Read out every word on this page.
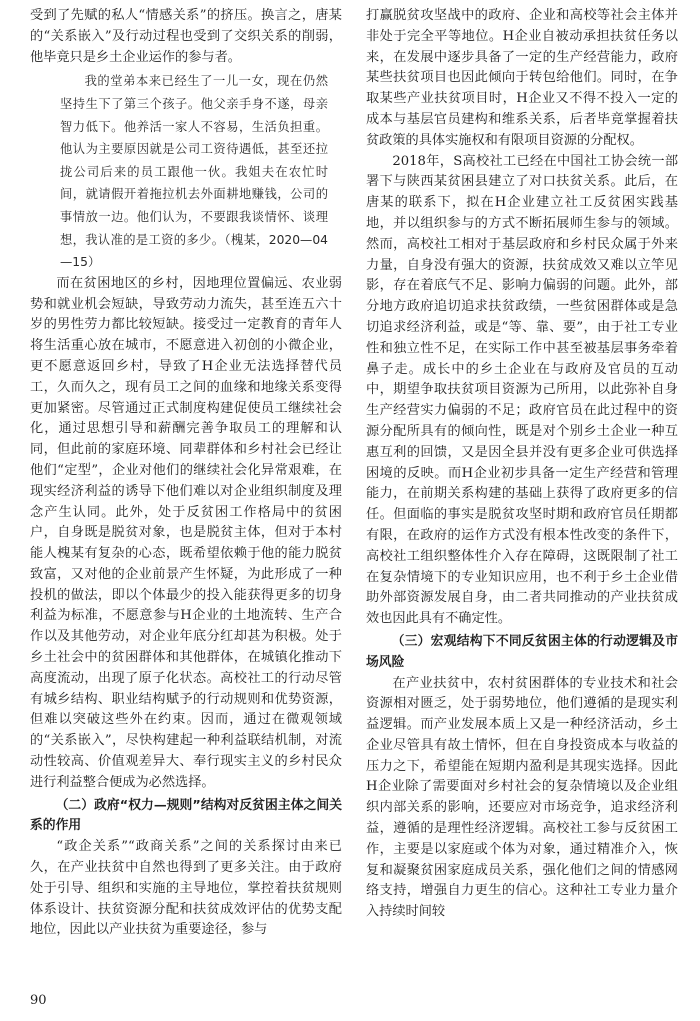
受到了先赋的私人“情感关系”的挤压。换言之，唐某的“关系嵌入”及行动过程也受到了交织关系的削弱，他毕竟只是乡土企业运作的参与者。

我的堂弟本来已经生了一儿一女，现在仍然坚持生下了第三个孩子。他父亲手身不遂，母亲智力低下。他养活一家人不容易，生活负担重。他认为主要原因就是公司工资待遇低，甚至还拉拢公司后来的员工跟他一伙。我姐夫在农忙时间，就请假开着拖拉机去外面耕地赚钱，公司的事情放一边。他们认为，不要跟我谈情怀、谈理想，我认准的是工资的多少。（槐某，2020—04—15）

而在贫困地区的乡村，因地理位置偏远、农业弱势和就业机会短缺，导致劳动力流失，甚至连五六十岁的男性劳力都比较短缺。接受过一定教育的青年人将生活重心放在城市，不愿意进入初创的小微企业，更不愿意返回乡村，导致了H企业无法选择替代员工，久而久之，现有员工之间的血缘和地缘关系变得更加紧密。尽管通过正式制度构建促使员工继续社会化，通过思想引导和薪酬完善争取员工的理解和认同，但此前的家庭环境、同辈群体和乡村社会已经让他们“定型”，企业对他们的继续社会化异常艰难，在现实经济利益的诱导下他们难以对企业组织制度及理念产生认同。此外，处于反贫困工作格局中的贫困户，自身既是脱贫对象，也是脱贫主体，但对于本村能人槐某有复杂的心态，既希望依赖于他的能力脱贫致富，又对他的企业前景产生怀疑，为此形成了一种投机的做法，即以个体最少的投入能获得更多的切身利益为标准，不愿意参与H企业的土地流转、生产合作以及其他劳动，对企业年底分红却甚为积极。处于乡土社会中的贫困群体和其他群体，在城镇化推动下高度流动，出现了原子化状态。高校社工的行动尽管有城乡结构、职业结构赋予的行动规则和优势资源，但难以突破这些外在约束。因而，通过在微观领域的“关系嵌入”，尽快构建起一种利益联结机制，对流动性较高、价值观差异大、奉行现实主义的乡村民众进行利益整合便成为必然选择。

（二）政府“权力—规则”结构对反贫困主体之间关系的作用

“政企关系”“政商关系”之间的关系探讨由来已久，在产业扶贫中自然也得到了更多关注。由于政府处于引导、组织和实施的主导地位，掌控着扶贫规则体系设计、扶贫资源分配和扶贫成效评估的优势支配地位，因此以产业扶贫为重要途径，参与

打赢脱贫攻坚战中的政府、企业和高校等社会主体并非处于完全平等地位。H企业自被动承担扶贫任务以来，在发展中逐步具备了一定的生产经营能力，政府某些扶贫项目也因此倾向于转包给他们。同时，在争取某些产业扶贫项目时，H企业又不得不投入一定的成本与基层官员建构和维系关系，后者毕竟掌握着扶贫政策的具体实施权和有限项目资源的分配权。

2018年，S高校社工已经在中国社工协会统一部署下与陕西某贫困县建立了对口扶贫关系。此后，在唐某的联系下，拟在H企业建立社工反贫困实践基地，并以组织参与的方式不断拓展师生参与的领域。然而，高校社工相对于基层政府和乡村民众属于外来力量，自身没有强大的资源，扶贫成效又难以立竿见影，存在着底气不足、影响力偏弱的问题。此外，部分地方政府追切追求扶贫政绩，一些贫困群体或是急切追求经济利益，或是“等、靠、要”，由于社工专业性和独立性不足，在实际工作中甚至被基层事务牵着鼻子走。成长中的乡土企业在与政府及官员的互动中，期望争取扶贫项目资源为己所用，以此弥补自身生产经营实力偏弱的不足；政府官员在此过程中的资源分配所具有的倾向性，既是对个别乡土企业一种互惠互利的回馈，又是因全县并没有更多企业可供选择困境的反映。而H企业初步具备一定生产经营和管理能力，在前期关系构建的基础上获得了政府更多的信任。但面临的事实是脱贫攻坚时期和政府官员任期都有限，在政府的运作方式没有根本性改变的条件下，高校社工组织整体性介入存在障碍，这既限制了社工在复杂情境下的专业知识应用，也不利于乡土企业借助外部资源发展自身，由二者共同推动的产业扶贫成效也因此具有不确定性。

（三）宏观结构下不同反贫困主体的行动逻辑及市场风险

在产业扶贫中，农村贫困群体的专业技术和社会资源相对匮乏，处于弱势地位，他们遵循的是现实利益逻辑。而产业发展本质上又是一种经济活动，乡土企业尽管具有故土情怀，但在自身投资成本与收益的压力之下，希望能在短期内盈利是其现实选择。因此H企业除了需要面对乡村社会的复杂情境以及企业组织内部关系的影响，还要应对市场竞争，追求经济利益，遵循的是理性经济逻辑。高校社工参与反贫困工作，主要是以家庭或个体为对象，通过精准介入，恢复和凝聚贫困家庭成员关系，强化他们之间的情感网络支持，增强自力更生的信心。这种社工专业力量介入持续时间较

90
